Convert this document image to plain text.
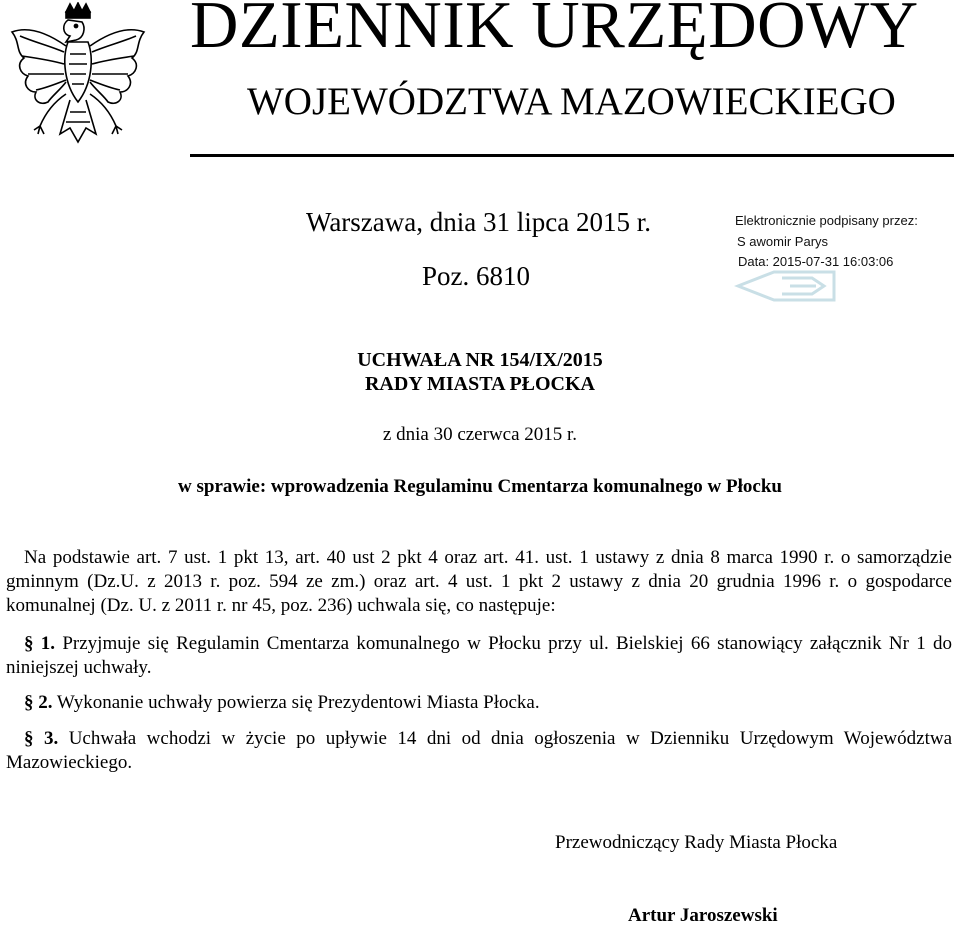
DZIENNIK URZĘDOWY
WOJEWÓDZTWA MAZOWIECKIEGO
Warszawa, dnia 31 lipca 2015 r.
Poz. 6810
Elektronicznie podpisany przez:
S awomir Parys
Data: 2015-07-31 16:03:06
UCHWAŁA NR 154/IX/2015
RADY MIASTA PŁOCKA
z dnia 30 czerwca 2015 r.
w sprawie: wprowadzenia Regulaminu Cmentarza komunalnego w Płocku
Na podstawie art. 7 ust. 1 pkt 13, art. 40 ust 2 pkt 4 oraz art. 41. ust. 1 ustawy z dnia 8 marca 1990 r. o samorządzie gminnym (Dz.U. z 2013 r. poz. 594 ze zm.) oraz art. 4 ust. 1 pkt 2 ustawy z dnia 20 grudnia 1996 r. o gospodarce komunalnej (Dz. U. z 2011 r. nr 45, poz. 236) uchwala się, co następuje:
§ 1. Przyjmuje się Regulamin Cmentarza komunalnego w Płocku przy ul. Bielskiej 66 stanowiący załącznik Nr 1 do niniejszej uchwały.
§ 2. Wykonanie uchwały powierza się Prezydentowi Miasta Płocka.
§ 3. Uchwała wchodzi w życie po upływie 14 dni od dnia ogłoszenia w Dzienniku Urzędowym Województwa Mazowieckiego.
Przewodniczący Rady Miasta Płocka
Artur Jaroszewski
